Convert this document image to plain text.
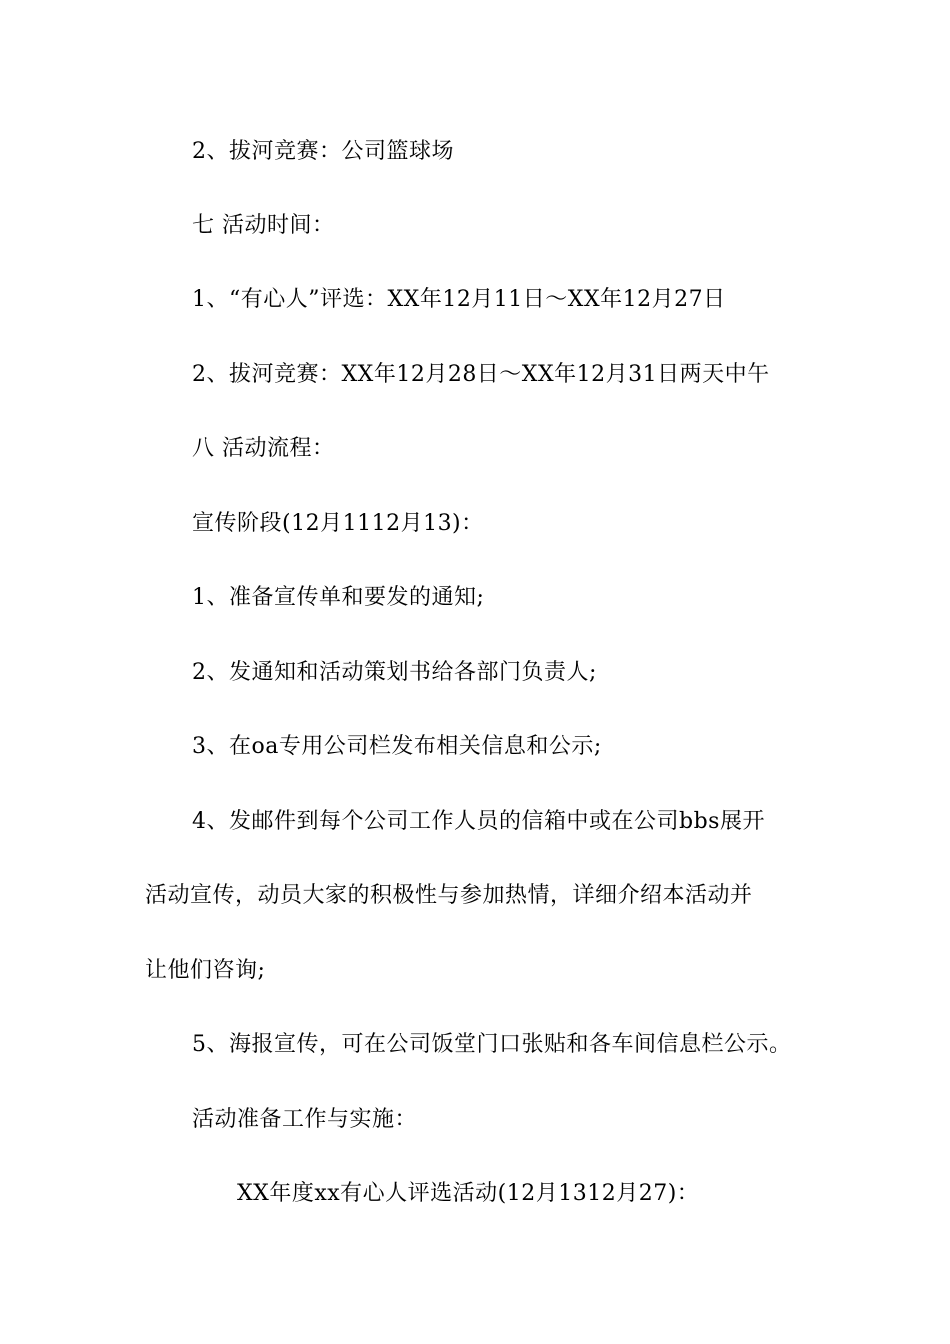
2、拔河竞赛：公司篮球场
七 活动时间：
1、“有心人”评选：XX年12月11日～XX年12月27日
2、拔河竞赛：XX年12月28日～XX年12月31日两天中午
八 活动流程：
宣传阶段(12月1112月13)：
1、准备宣传单和要发的通知;
2、发通知和活动策划书给各部门负责人;
3、在oa专用公司栏发布相关信息和公示;
4、发邮件到每个公司工作人员的信箱中或在公司bbs展开
活动宣传，动员大家的积极性与参加热情，详细介绍本活动并
让他们咨询;
5、海报宣传，可在公司饭堂门口张贴和各车间信息栏公示。
活动准备工作与实施：
XX年度xx有心人评选活动(12月1312月27)：
